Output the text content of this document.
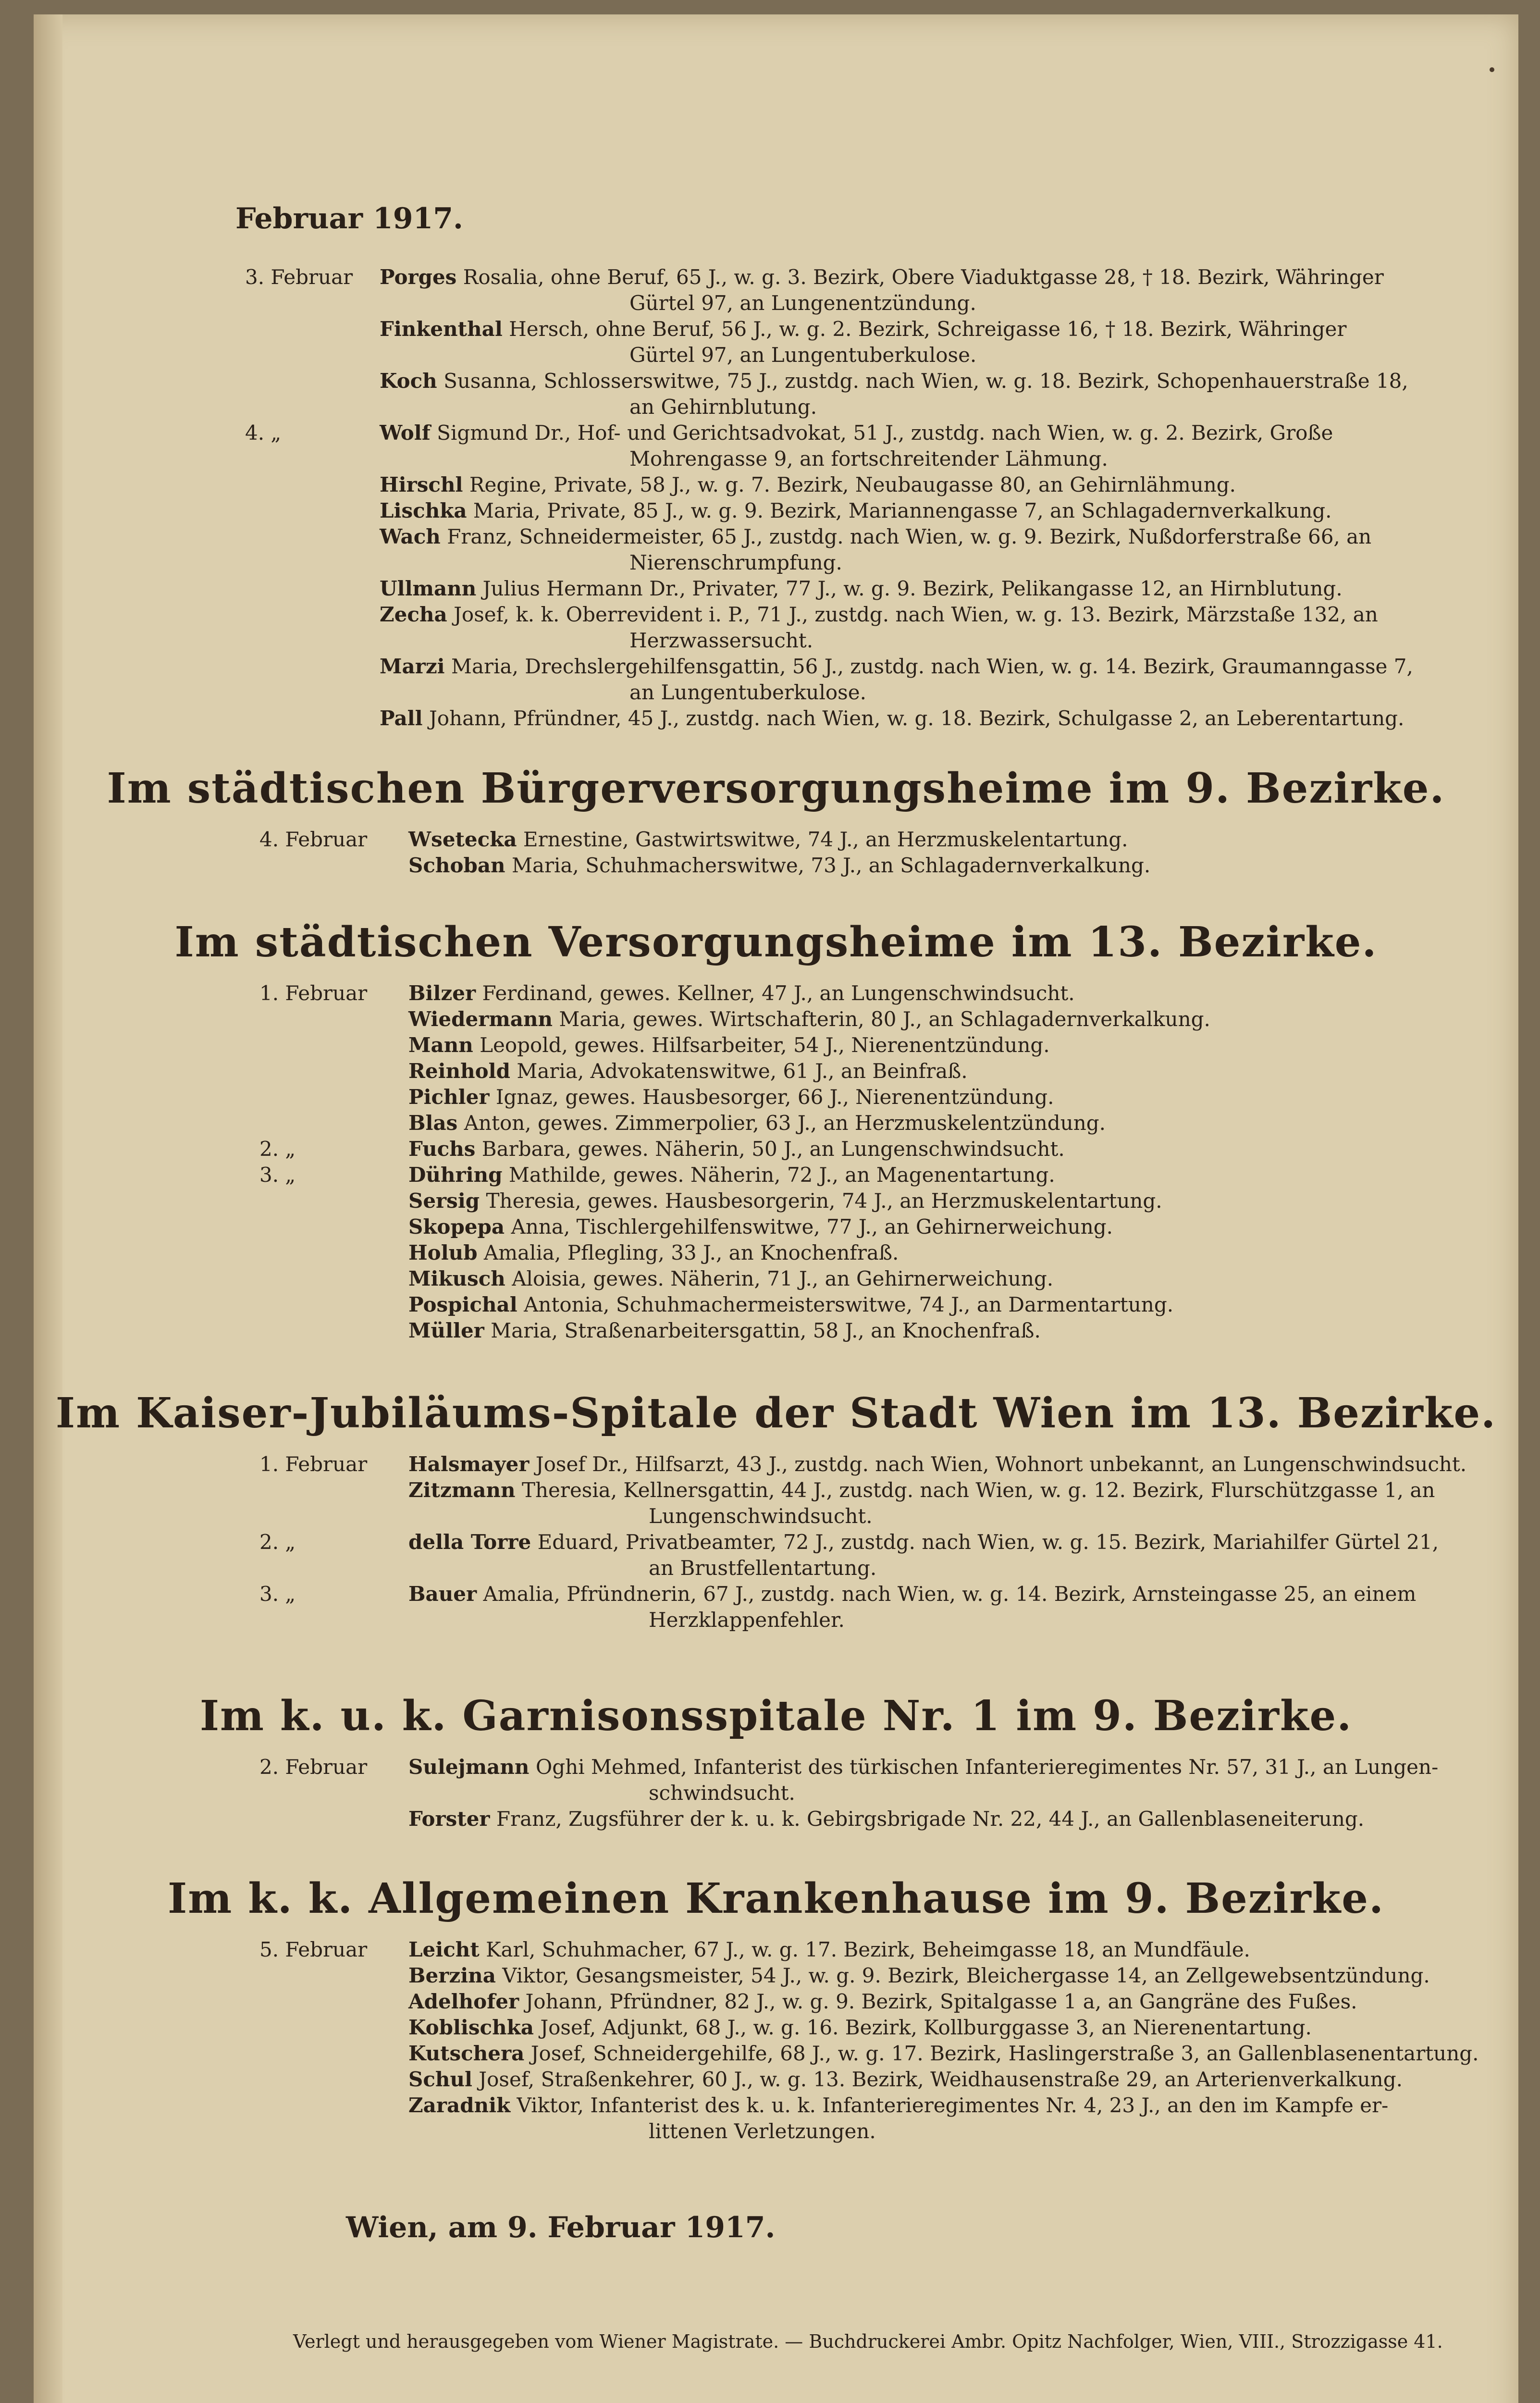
Februar 1917.
3. Februar	Porges Rosalia, ohne Beruf, 65 J., w. g. 3. Bezirk, Obere Viaduktgasse 28, † 18. Bezirk, Währinger
Gürtel 97, an Lungenentzündung.
Finkenthal Hersch, ohne Beruf, 56 J., w. g. 2. Bezirk, Schreigasse 16, † 18. Bezirk, Währinger
Gürtel 97, an Lungentuberkulose.
Koch Susanna, Schlosserswitwe, 75 J., zustdg. nach Wien, w. g. 18. Bezirk, Schopenhauerstraße 18,
an Gehirnblutung.
4. „	Wolf Sigmund Dr., Hof- und Gerichtsadvokat, 51 J., zustdg. nach Wien, w. g. 2. Bezirk, Große
Mohrengasse 9, an fortschreitender Lähmung.
Hirschl Regine, Private, 58 J., w. g. 7. Bezirk, Neubaugasse 80, an Gehirnlähmung.
Lischka Maria, Private, 85 J., w. g. 9. Bezirk, Mariannengasse 7, an Schlagadernverkalkung.
Wach Franz, Schneidermeister, 65 J., zustdg. nach Wien, w. g. 9. Bezirk, Nußdorferstraße 66, an
Nierenschrumpfung.
Ullmann Julius Hermann Dr., Privater, 77 J., w. g. 9. Bezirk, Pelikangasse 12, an Hirnblutung.
Zecha Josef, k. k. Oberrevident i. P., 71 J., zustdg. nach Wien, w. g. 13. Bezirk, Märzstaße 132, an
Herzwassersucht.
Marzi Maria, Drechslergehilfensgattin, 56 J., zustdg. nach Wien, w. g. 14. Bezirk, Graumanngasse 7,
an Lungentuberkulose.
Pall Johann, Pfründner, 45 J., zustdg. nach Wien, w. g. 18. Bezirk, Schulgasse 2, an Leberentartung.
Im städtischen Bürgerversorgungsheime im 9. Bezirke.
4. Februar	Wsetecka Ernestine, Gastwirtswitwe, 74 J., an Herzmuskelentartung.
Schoban Maria, Schuhmacherswitwe, 73 J., an Schlagadernverkalkung.
Im städtischen Versorgungsheime im 13. Bezirke.
1. Februar	Bilzer Ferdinand, gewes. Kellner, 47 J., an Lungenschwindsucht.
Wiedermann Maria, gewes. Wirtschafterin, 80 J., an Schlagadernverkalkung.
Mann Leopold, gewes. Hilfsarbeiter, 54 J., Nierenentzündung.
Reinhold Maria, Advokatenswitwe, 61 J., an Beinfraß.
Pichler Ignaz, gewes. Hausbesorger, 66 J., Nierenentzündung.
Blas Anton, gewes. Zimmerpolier, 63 J., an Herzmuskelentzündung.
2. „	Fuchs Barbara, gewes. Näherin, 50 J., an Lungenschwindsucht.
3. „	Dühring Mathilde, gewes. Näherin, 72 J., an Magenentartung.
Sersig Theresia, gewes. Hausbesorgerin, 74 J., an Herzmuskelentartung.
Skopepa Anna, Tischlergehilfenswitwe, 77 J., an Gehirnerweichung.
Holub Amalia, Pflegling, 33 J., an Knochenfraß.
Mikusch Aloisia, gewes. Näherin, 71 J., an Gehirnerweichung.
Pospichal Antonia, Schuhmachermeisterswitwe, 74 J., an Darmentartung.
Müller Maria, Straßenarbeitersgattin, 58 J., an Knochenfraß.
Im Kaiser-Jubiläums-Spitale der Stadt Wien im 13. Bezirke.
1. Februar	Halsmayer Josef Dr., Hilfsarzt, 43 J., zustdg. nach Wien, Wohnort unbekannt, an Lungenschwindsucht.
Zitzmann Theresia, Kellnersgattin, 44 J., zustdg. nach Wien, w. g. 12. Bezirk, Flurschützgasse 1, an
Lungenschwindsucht.
2. „	della Torre Eduard, Privatbeamter, 72 J., zustdg. nach Wien, w. g. 15. Bezirk, Mariahilfer Gürtel 21,
an Brustfellentartung.
3. „	Bauer Amalia, Pfründnerin, 67 J., zustdg. nach Wien, w. g. 14. Bezirk, Arnsteingasse 25, an einem
Herzklappenfehler.
Im k. u. k. Garnisonsspitale Nr. 1 im 9. Bezirke.
2. Februar	Sulejmann Oghi Mehmed, Infanterist des türkischen Infanterieregimentes Nr. 57, 31 J., an Lungen-
schwindsucht.
Forster Franz, Zugsführer der k. u. k. Gebirgsbrigade Nr. 22, 44 J., an Gallenblaseneiterung.
Im k. k. Allgemeinen Krankenhause im 9. Bezirke.
5. Februar	Leicht Karl, Schuhmacher, 67 J., w. g. 17. Bezirk, Beheimgasse 18, an Mundfäule.
Berzina Viktor, Gesangsmeister, 54 J., w. g. 9. Bezirk, Bleichergasse 14, an Zellgewebsentzündung.
Adelhofer Johann, Pfründner, 82 J., w. g. 9. Bezirk, Spitalgasse 1 a, an Gangräne des Fußes.
Koblischka Josef, Adjunkt, 68 J., w. g. 16. Bezirk, Kollburggasse 3, an Nierenentartung.
Kutschera Josef, Schneidergehilfe, 68 J., w. g. 17. Bezirk, Haslingerstraße 3, an Gallenblasenentartung.
Schul Josef, Straßenkehrer, 60 J., w. g. 13. Bezirk, Weidhausenstraße 29, an Arterienverkalkung.
Zaradnik Viktor, Infanterist des k. u. k. Infanterieregimentes Nr. 4, 23 J., an den im Kampfe er-
littenen Verletzungen.
Wien, am 9. Februar 1917.
Verlegt und herausgegeben vom Wiener Magistrate. — Buchdruckerei Ambr. Opitz Nachfolger, Wien, VIII., Strozzigasse 41.
